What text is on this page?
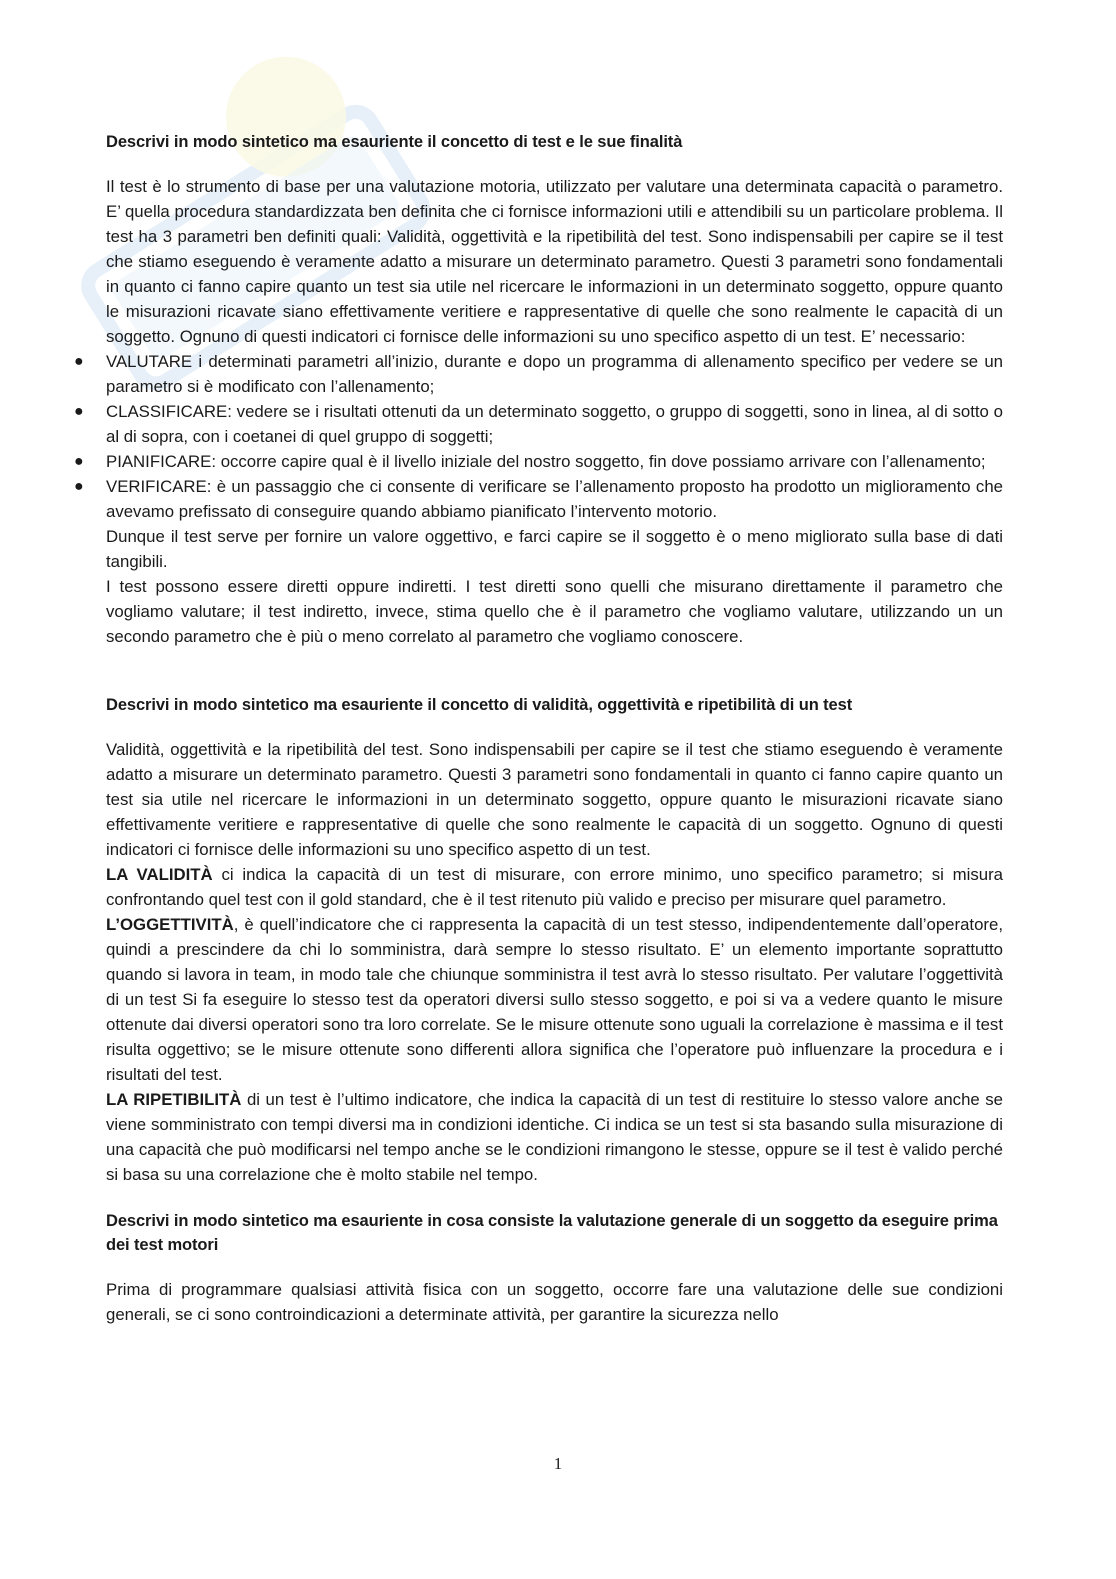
Descrivi in modo sintetico ma esauriente il concetto di test e le sue finalità

Il test è lo strumento di base per una valutazione motoria, utilizzato per valutare una determinata capacità o parametro. E’ quella procedura standardizzata ben definita che ci fornisce informazioni utili e attendibili su un particolare problema. Il test ha 3 parametri ben definiti quali: Validità, oggettività e la ripetibilità del test. Sono indispensabili per capire se il test che stiamo eseguendo è veramente adatto a misurare un determinato parametro. Questi 3 parametri sono fondamentali in quanto ci fanno capire quanto un test sia utile nel ricercare le informazioni in un determinato soggetto, oppure quanto le misurazioni ricavate siano effettivamente veritiere e rappresentative di quelle che sono realmente le capacità di un soggetto. Ognuno di questi indicatori ci fornisce delle informazioni su uno specifico aspetto di un test. E’ necessario:

● VALUTARE i determinati parametri all’inizio, durante e dopo un programma di allenamento specifico per vedere se un parametro si è modificato con l’allenamento;
● CLASSIFICARE: vedere se i risultati ottenuti da un determinato soggetto, o gruppo di soggetti, sono in linea, al di sotto o al di sopra, con i coetanei di quel gruppo di soggetti;
● PIANIFICARE: occorre capire qual è il livello iniziale del nostro soggetto, fin dove possiamo arrivare con l’allenamento;
● VERIFICARE: è un passaggio che ci consente di verificare se l’allenamento proposto ha prodotto un miglioramento che avevamo prefissato di conseguire quando abbiamo pianificato l’intervento motorio.

Dunque il test serve per fornire un valore oggettivo, e farci capire se il soggetto è o meno migliorato sulla base di dati tangibili.

I test possono essere diretti oppure indiretti. I test diretti sono quelli che misurano direttamente il parametro che vogliamo valutare; il test indiretto, invece, stima quello che è il parametro che vogliamo valutare, utilizzando un un secondo parametro che è più o meno correlato al parametro che vogliamo conoscere.

Descrivi in modo sintetico ma esauriente il concetto di validità, oggettività e ripetibilità di un test

Validità, oggettività e la ripetibilità del test. Sono indispensabili per capire se il test che stiamo eseguendo è veramente adatto a misurare un determinato parametro. Questi 3 parametri sono fondamentali in quanto ci fanno capire quanto un test sia utile nel ricercare le informazioni in un determinato soggetto, oppure quanto le misurazioni ricavate siano effettivamente veritiere e rappresentative di quelle che sono realmente le capacità di un soggetto. Ognuno di questi indicatori ci fornisce delle informazioni su uno specifico aspetto di un test.

LA VALIDITÀ ci indica la capacità di un test di misurare, con errore minimo, uno specifico parametro; si misura confrontando quel test con il gold standard, che è il test ritenuto più valido e preciso per misurare quel parametro.

L’OGGETTIVITÀ, è quell’indicatore che ci rappresenta la capacità di un test stesso, indipendentemente dall’operatore, quindi a prescindere da chi lo somministra, darà sempre lo stesso risultato. E’ un elemento importante soprattutto quando si lavora in team, in modo tale che chiunque somministra il test avrà lo stesso risultato. Per valutare l’oggettività di un test Si fa eseguire lo stesso test da operatori diversi sullo stesso soggetto, e poi si va a vedere quanto le misure ottenute dai diversi operatori sono tra loro correlate. Se le misure ottenute sono uguali la correlazione è massima e il test risulta oggettivo; se le misure ottenute sono differenti allora significa che l’operatore può influenzare la procedura e i risultati del test.

LA RIPETIBILITÀ di un test è l’ultimo indicatore, che indica la capacità di un test di restituire lo stesso valore anche se viene somministrato con tempi diversi ma in condizioni identiche. Ci indica se un test si sta basando sulla misurazione di una capacità che può modificarsi nel tempo anche se le condizioni rimangono le stesse, oppure se il test è valido perché si basa su una correlazione che è molto stabile nel tempo.

Descrivi in modo sintetico ma esauriente in cosa consiste la valutazione generale di un soggetto da eseguire prima dei test motori

Prima di programmare qualsiasi attività fisica con un soggetto, occorre fare una valutazione delle sue condizioni generali, se ci sono controindicazioni a determinate attività, per garantire la sicurezza nello

1
